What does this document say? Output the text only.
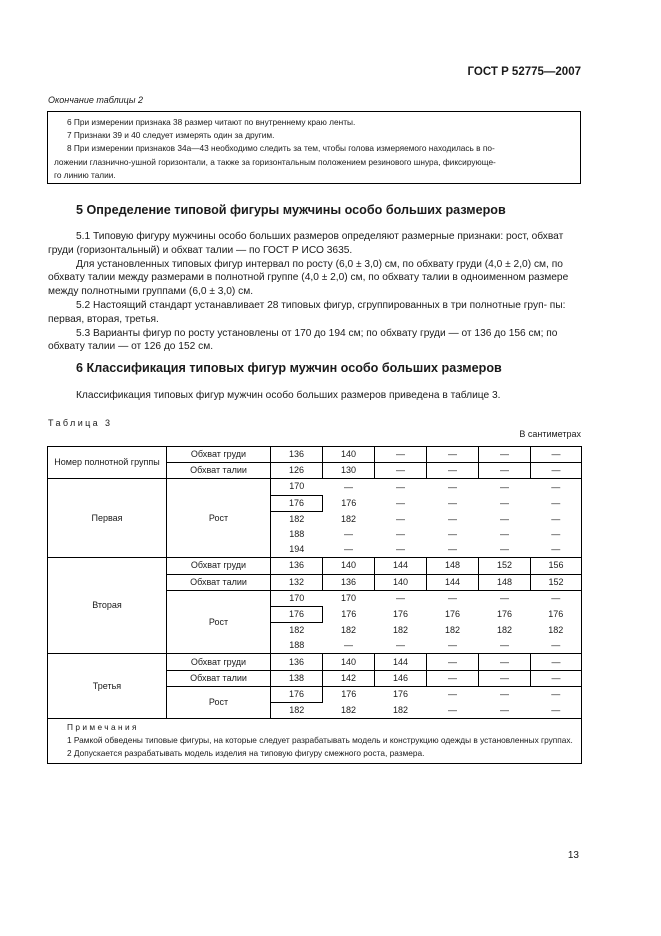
ГОСТ Р 52775—2007
Окончание таблицы 2
6 При измерении признака 38 размер читают по внутреннему краю ленты.
7 Признаки 39 и 40 следует измерять один за другим.
8 При измерении признаков 34а—43 необходимо следить за тем, чтобы голова измеряемого находилась в по-
ложении глазнично-ушной горизонтали, а также за горизонтальным положением резинового шнура, фиксирующе-
го линию талии.
5 Определение типовой фигуры мужчины особо больших размеров

5.1 Типовую фигуру мужчины особо больших размеров определяют размерные признаки: рост, обхват груди (горизонтальный) и обхват талии — по ГОСТ Р ИСО 3635.

Для установленных типовых фигур интервал по росту (6,0 ± 3,0) см, по обхвату груди (4,0 ± 2,0) см, по обхвату талии между размерами в полнотной группе (4,0 ± 2,0) см, по обхвату талии в одноименном размере между полнотными группами (6,0 ± 3,0) см.

5.2 Настоящий стандарт устанавливает 28 типовых фигур, сгруппированных в три полнотные груп- пы: первая, вторая, третья.

5.3 Варианты фигур по росту установлены от 170 до 194 см; по обхвату груди — от 136 до 156 см; по обхвату талии — от 126 до 152 см.

6 Классификация типовых фигур мужчин особо больших размеров

Классификация типовых фигур мужчин особо больших размеров приведена в таблице 3.

Таблица 3
В сантиметрах
Номер полнотной группы	Обхват груди	136	140	—	—	—	—
	Обхват талии	126	130	—	—	—	—
Первая	Рост	170	—	—	—	—	—
		176	176	—	—	—	—
		182	182	—	—	—	—
		188	—	—	—	—	—
		194	—	—	—	—	—
Вторая	Обхват груди	136	140	144	148	152	156
	Обхват талии	132	136	140	144	148	152
	Рост	170	170	—	—	—	—
		176	176	176	176	176	176
		182	182	182	182	182	182
		188	—	—	—	—	—
Третья	Обхват груди	136	140	144	—	—	—
	Обхват талии	138	142	146	—	—	—
	Рост	176	176	176	—	—	—
		182	182	182	—	—	—

Примечания
1 Рамкой обведены типовые фигуры, на которые следует разрабатывать модель и конструкцию одежды в установленных группах.
2 Допускается разрабатывать модель изделия на типовую фигуру смежного роста, размера.							
13
